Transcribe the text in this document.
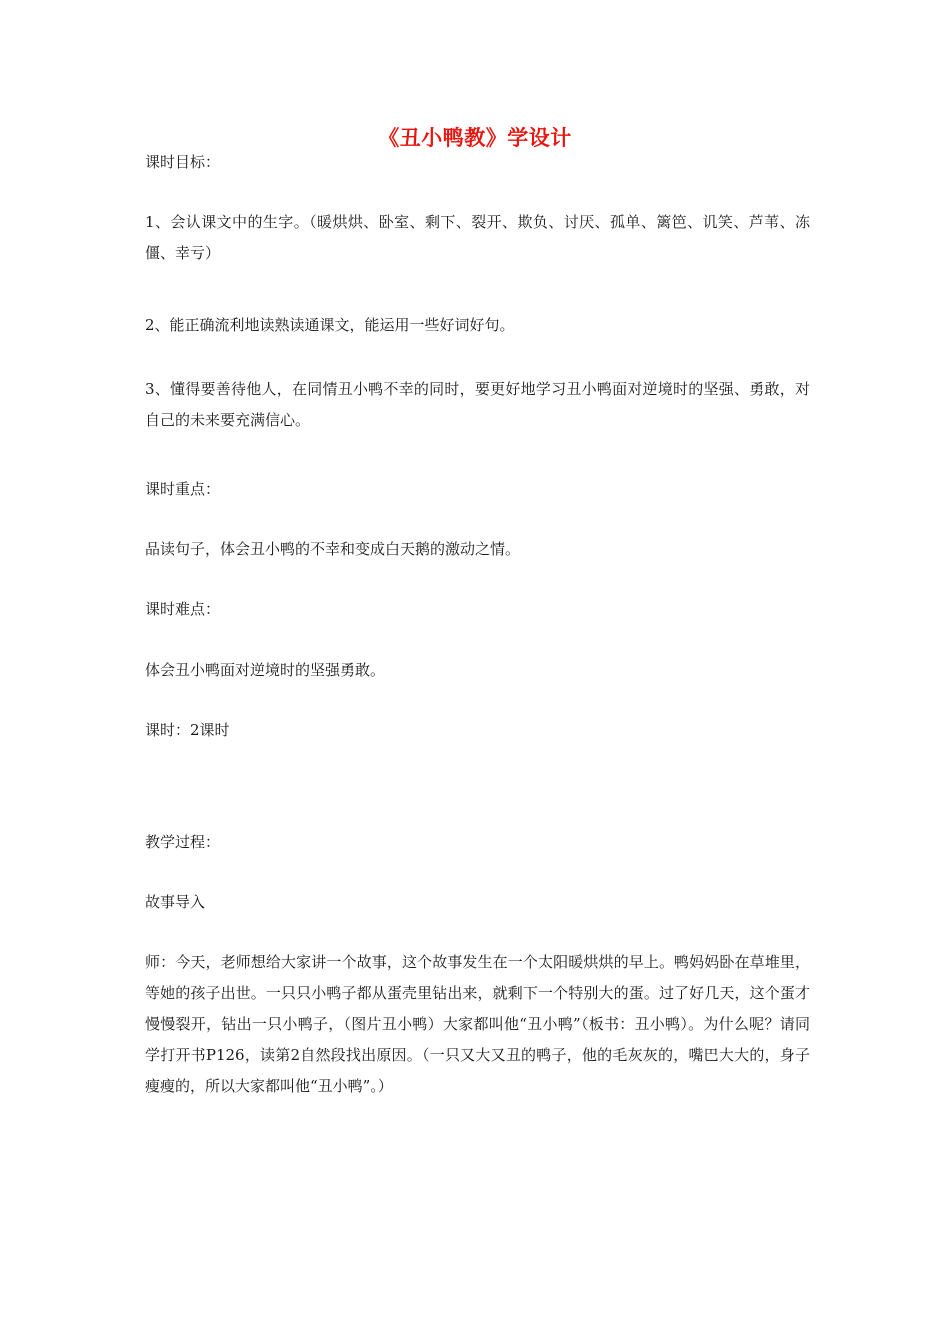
《丑小鸭教》学设计
课时目标：
1、会认课文中的生字。（暖烘烘、卧室、剩下、裂开、欺负、讨厌、孤单、篱笆、讥笑、芦苇、冻僵、幸亏）
2、能正确流利地读熟读通课文，能运用一些好词好句。
3、懂得要善待他人，在同情丑小鸭不幸的同时，要更好地学习丑小鸭面对逆境时的坚强、勇敢，对自己的未来要充满信心。
课时重点：
品读句子，体会丑小鸭的不幸和变成白天鹅的激动之情。
课时难点：
体会丑小鸭面对逆境时的坚强勇敢。
课时：2课时
教学过程：
故事导入
师：今天，老师想给大家讲一个故事，这个故事发生在一个太阳暖烘烘的早上。鸭妈妈卧在草堆里，等她的孩子出世。一只只小鸭子都从蛋壳里钻出来，就剩下一个特别大的蛋。过了好几天，这个蛋才慢慢裂开，钻出一只小鸭子，（图片丑小鸭）大家都叫他“丑小鸭”（板书：丑小鸭）。为什么呢？请同学打开书P126，读第2自然段找出原因。（一只又大又丑的鸭子，他的毛灰灰的，嘴巴大大的，身子瘦瘦的，所以大家都叫他“丑小鸭”。）
